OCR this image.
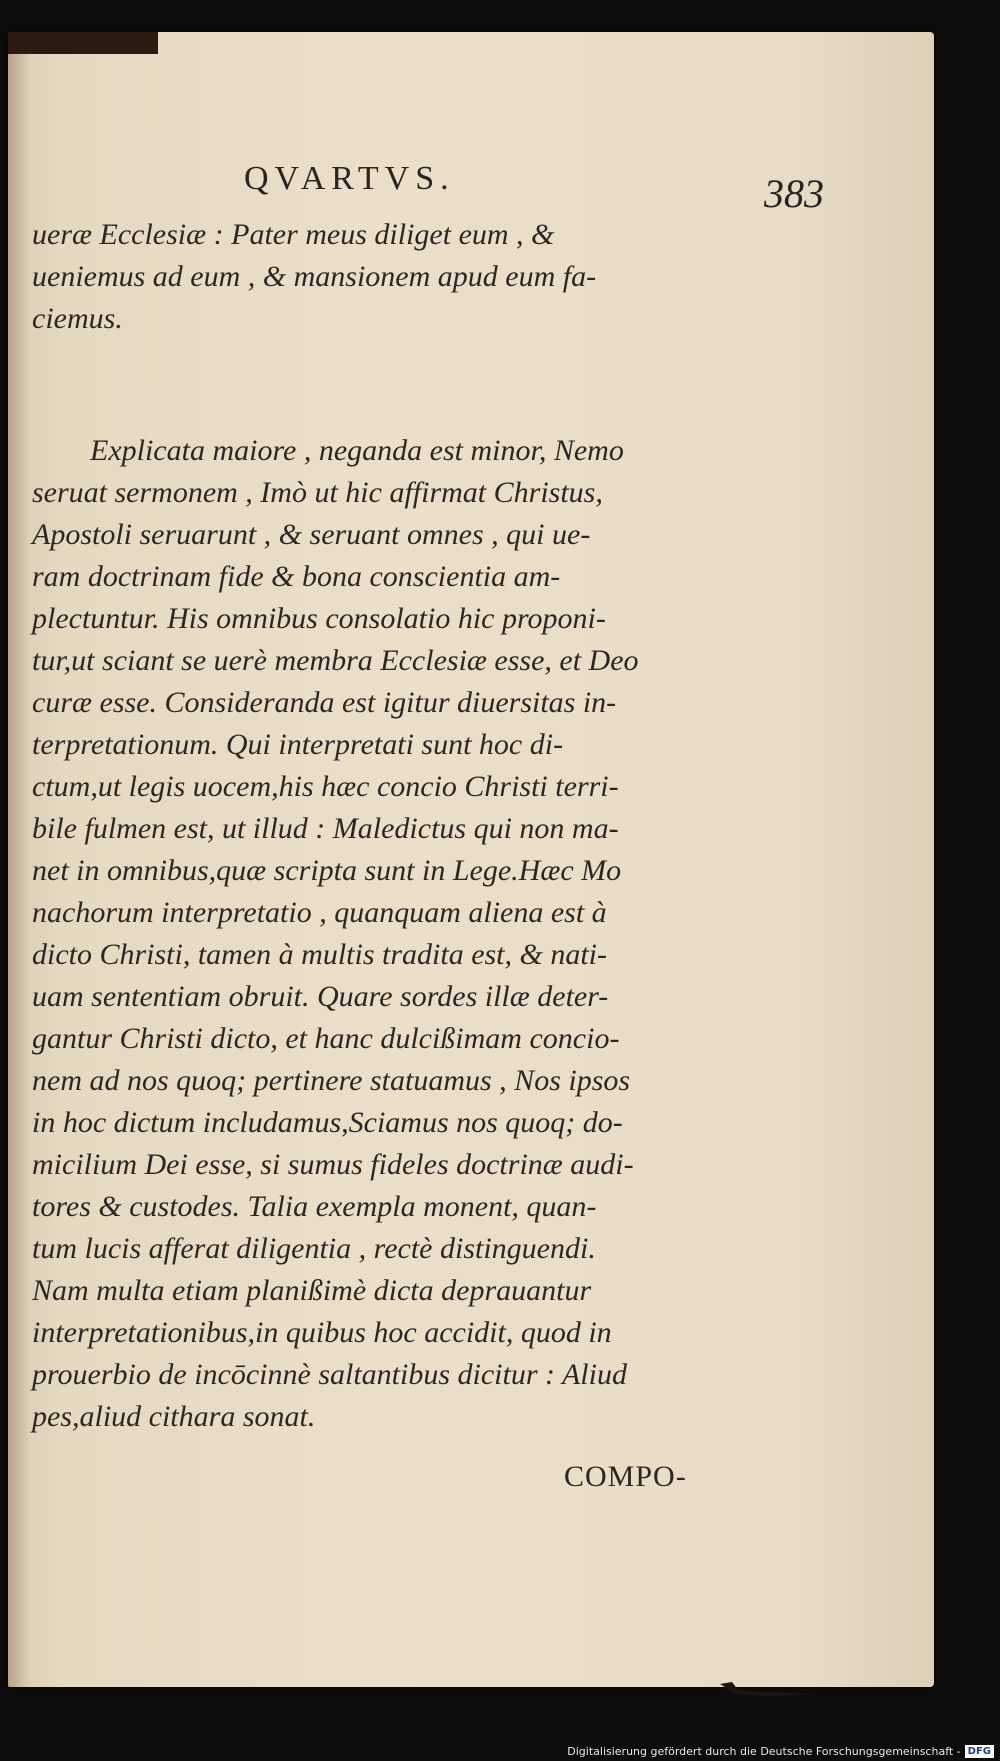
QVARTVS.	383
ueræ Ecclesiæ : Pater meus diliget eum , &
ueniemus ad eum , & mansionem apud eum fa-
ciemus.
Explicata maiore , neganda est minor, Nemo
seruat sermonem , Imò ut hic affirmat Christus,
Apostoli seruarunt , & seruant omnes , qui ue-
ram doctrinam fide & bona conscientia am-
plectuntur. His omnibus consolatio hic proponi-
tur,ut sciant se uerè membra Ecclesiæ esse, et Deo
curæ esse. Consideranda est igitur diuersitas in-
terpretationum. Qui interpretati sunt hoc di-
ctum,ut legis uocem,his hæc concio Christi terri-
bile fulmen est, ut illud : Maledictus qui non ma-
net in omnibus,quæ scripta sunt in Lege.Hæc Mo
nachorum interpretatio , quanquam aliena est à
dicto Christi, tamen à multis tradita est, & nati-
uam sententiam obruit. Quare sordes illæ deter-
gantur Christi dicto, et hanc dulcißimam concio-
nem ad nos quoq; pertinere statuamus , Nos ipsos
in hoc dictum includamus,Sciamus nos quoq; do-
micilium Dei esse, si sumus fideles doctrinæ audi-
tores & custodes. Talia exempla monent, quan-
tum lucis afferat diligentia , rectè distinguendi.
Nam multa etiam planißimè dicta deprauantur
interpretationibus,in quibus hoc accidit, quod in
prouerbio de incōcinnè saltantibus dicitur : Aliud
pes,aliud cithara sonat.
COMPO-
Digitalisierung gefördert durch die Deutsche Forschungsgemeinschaft - DFG
